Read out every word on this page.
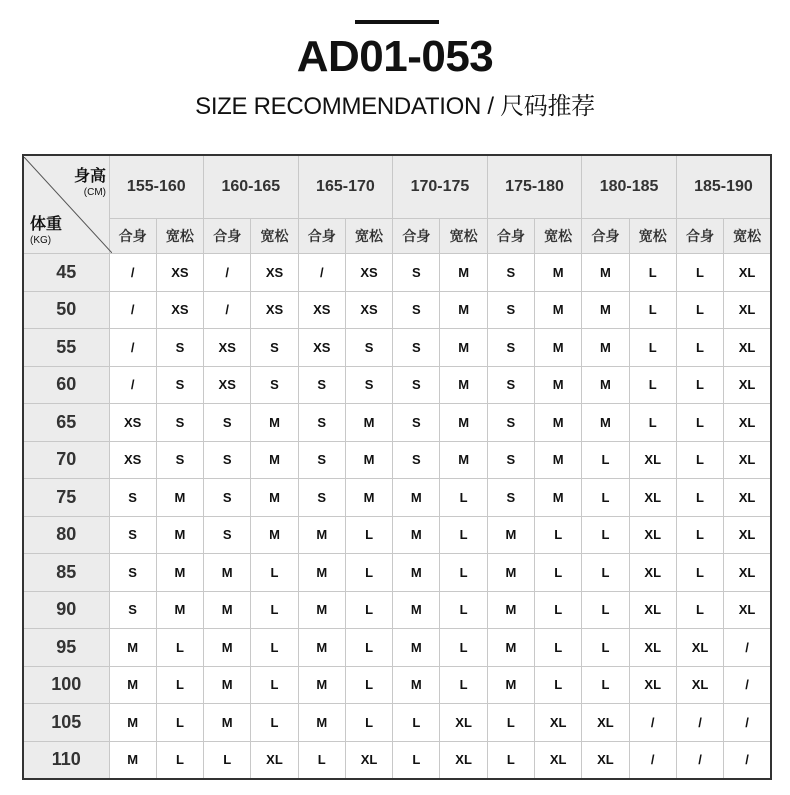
AD01-053
SIZE RECOMMENDATION / 尺码推荐
身高
(CM)
体重
(KG)	155-160		160-165		165-170		170-175		175-180		180-185		185-190	
	合身	宽松	合身	宽松	合身	宽松	合身	宽松	合身	宽松	合身	宽松	合身	宽松
45	/	XS	/	XS	/	XS	S	M	S	M	M	L	L	XL
50	/	XS	/	XS	XS	XS	S	M	S	M	M	L	L	XL
55	/	S	XS	S	XS	S	S	M	S	M	M	L	L	XL
60	/	S	XS	S	S	S	S	M	S	M	M	L	L	XL
65	XS	S	S	M	S	M	S	M	S	M	M	L	L	XL
70	XS	S	S	M	S	M	S	M	S	M	L	XL	L	XL
75	S	M	S	M	S	M	M	L	S	M	L	XL	L	XL
80	S	M	S	M	M	L	M	L	M	L	L	XL	L	XL
85	S	M	M	L	M	L	M	L	M	L	L	XL	L	XL
90	S	M	M	L	M	L	M	L	M	L	L	XL	L	XL
95	M	L	M	L	M	L	M	L	M	L	L	XL	XL	/
100	M	L	M	L	M	L	M	L	M	L	L	XL	XL	/
105	M	L	M	L	M	L	L	XL	L	XL	XL	/	/	/
110	M	L	L	XL	L	XL	L	XL	L	XL	XL	/	/	/
